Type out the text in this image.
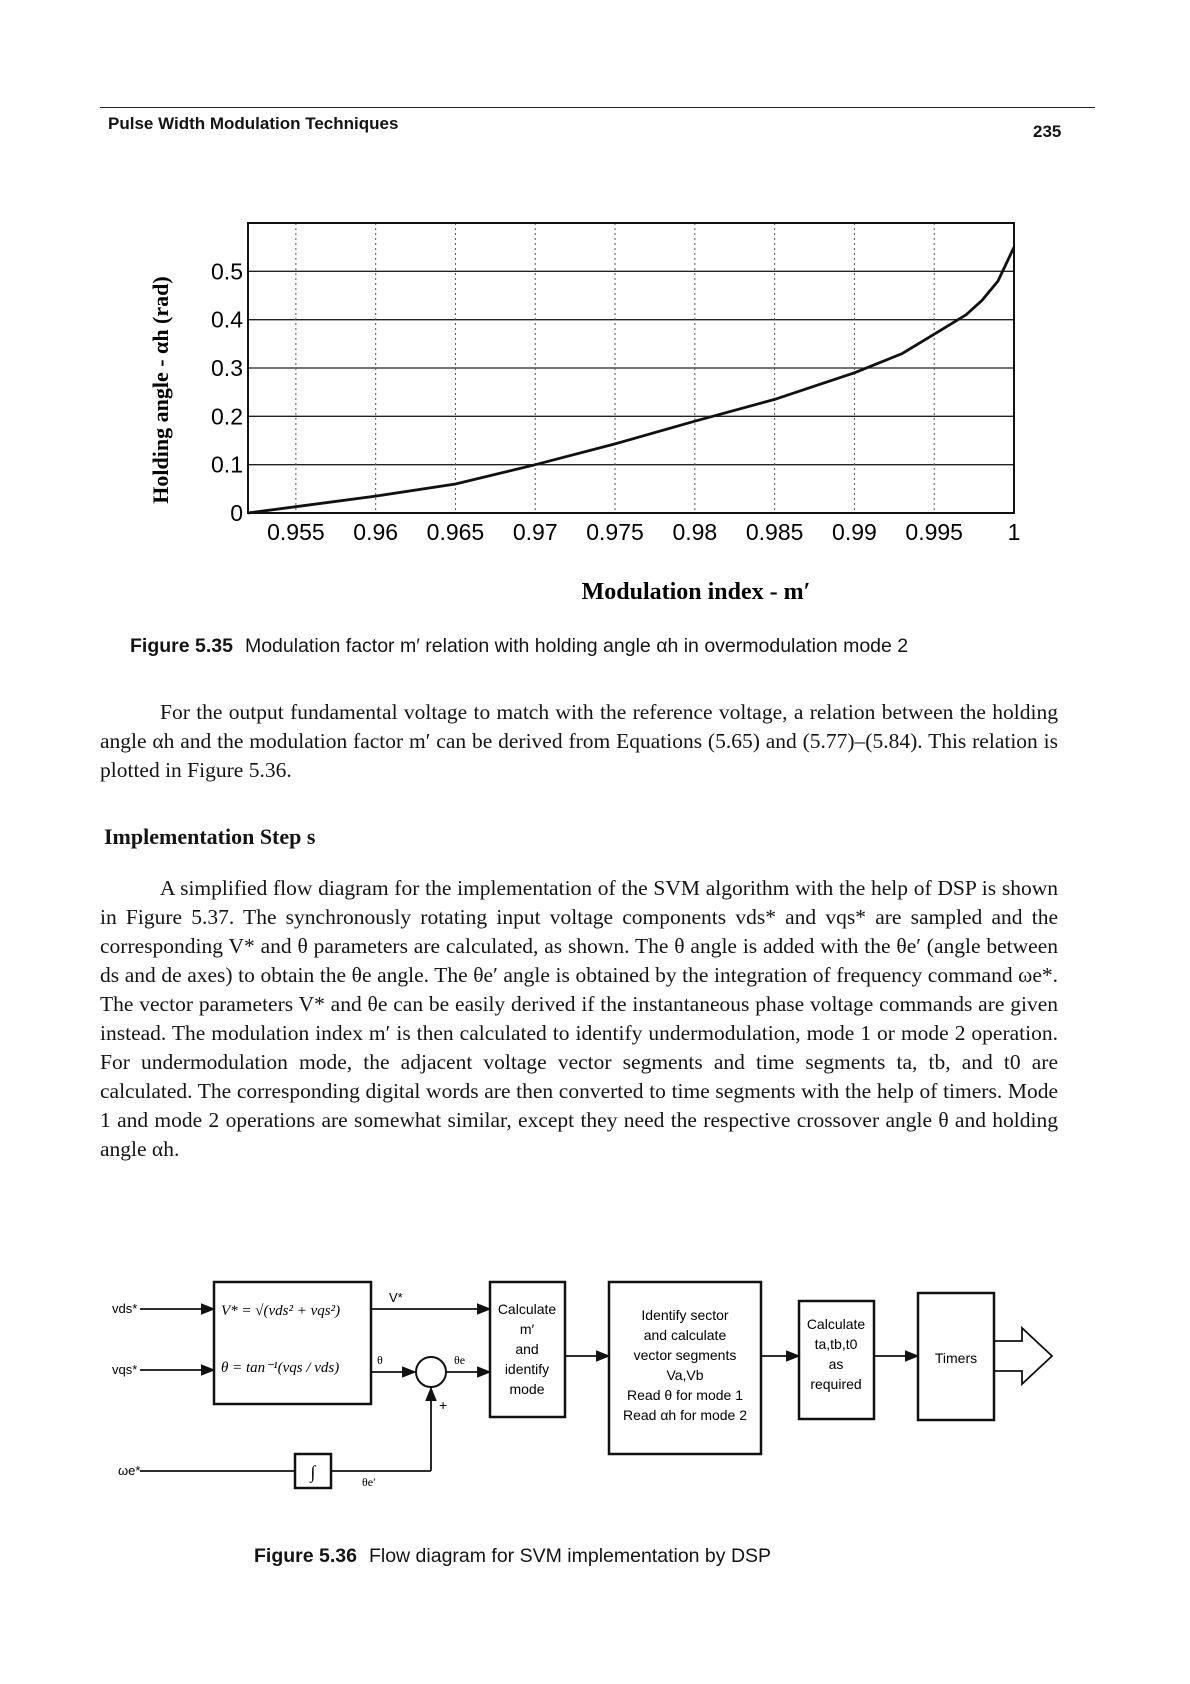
Pulse Width Modulation Techniques	235
0.955 0.96 0.965 0.97 0.975 0.98 0.985 0.99 0.995 1
0
0.1
0.2
0.3
0.4
0.5
Holding angle - αh (rad)
Modulation index - m′
Figure 5.35 Modulation factor m′ relation with holding angle αh in overmodulation mode 2

For the output fundamental voltage to match with the reference voltage, a relation between the holding angle αh and the modulation factor m′ can be derived from Equations (5.65) and (5.77)–(5.84). This relation is plotted in Figure 5.36.

Implementation Step s

A simplified flow diagram for the implementation of the SVM algorithm with the help of DSP is shown in Figure 5.37. The synchronously rotating input voltage components vds* and vqs* are sampled and the corresponding V* and θ parameters are calculated, as shown. The θ angle is added with the θe′ (angle between ds and de axes) to obtain the θe angle. The θe′ angle is obtained by the integration of frequency command ωe*. The vector parameters V* and θe can be easily derived if the instantaneous phase voltage commands are given instead. The modulation index m′ is then calculated to identify undermodulation, mode 1 or mode 2 operation. For undermodulation mode, the adjacent voltage vector segments and time segments ta, tb, and t0 are calculated. The corresponding digital words are then converted to time segments with the help of timers. Mode 1 and mode 2 operations are somewhat similar, except they need the respective crossover angle θ and holding angle αh.

vds*
vqs*
ωe*
V* = √(vds² + vqs²)
θ = tan⁻¹(vqs / vds)
V*
θ	θe
∫	θe′
+
Calculate
m′
and
identify
mode
Identify sector
and calculate
vector segments
Va,Vb
Read θ for mode 1
Read αh for mode 2
Calculate
ta,tb,t0
as
required
Timers
Figure 5.36 Flow diagram for SVM implementation by DSP
